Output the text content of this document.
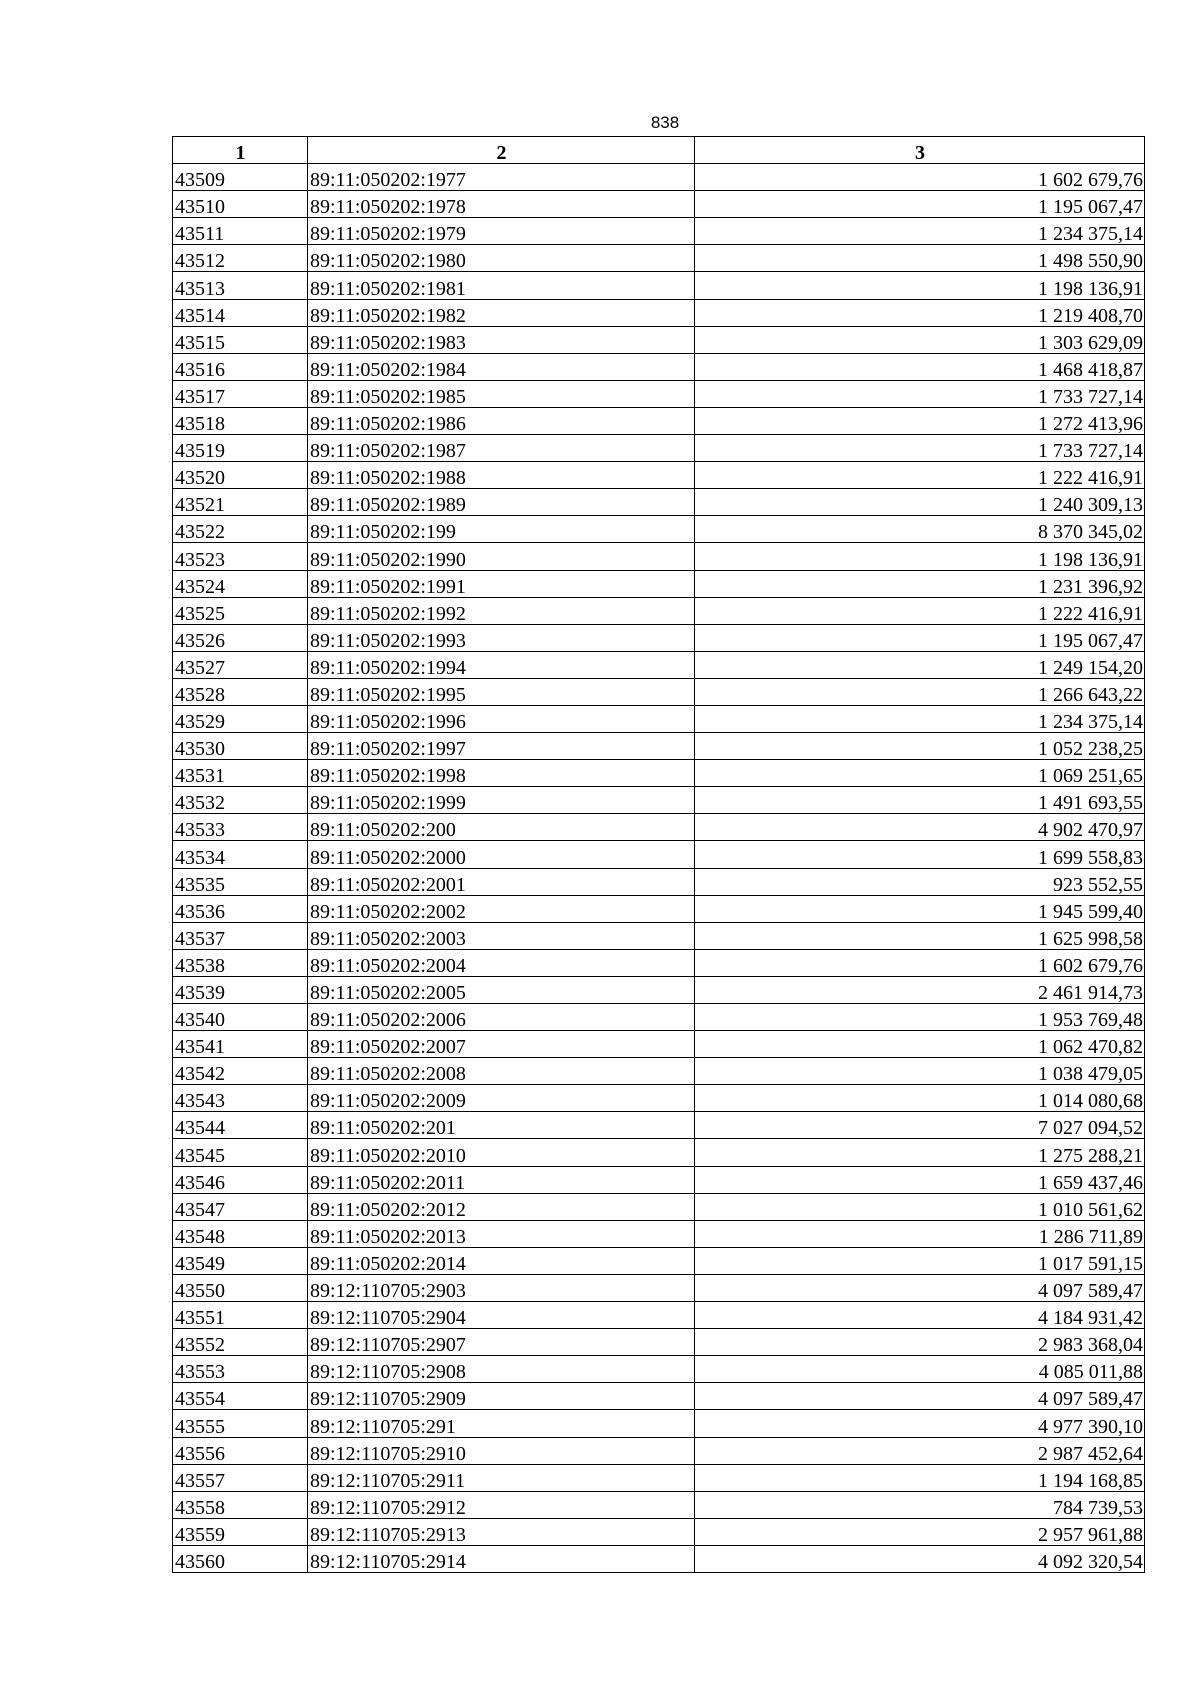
838
1	2	3
43509	89:11:050202:1977	1 602 679,76
43510	89:11:050202:1978	1 195 067,47
43511	89:11:050202:1979	1 234 375,14
43512	89:11:050202:1980	1 498 550,90
43513	89:11:050202:1981	1 198 136,91
43514	89:11:050202:1982	1 219 408,70
43515	89:11:050202:1983	1 303 629,09
43516	89:11:050202:1984	1 468 418,87
43517	89:11:050202:1985	1 733 727,14
43518	89:11:050202:1986	1 272 413,96
43519	89:11:050202:1987	1 733 727,14
43520	89:11:050202:1988	1 222 416,91
43521	89:11:050202:1989	1 240 309,13
43522	89:11:050202:199	8 370 345,02
43523	89:11:050202:1990	1 198 136,91
43524	89:11:050202:1991	1 231 396,92
43525	89:11:050202:1992	1 222 416,91
43526	89:11:050202:1993	1 195 067,47
43527	89:11:050202:1994	1 249 154,20
43528	89:11:050202:1995	1 266 643,22
43529	89:11:050202:1996	1 234 375,14
43530	89:11:050202:1997	1 052 238,25
43531	89:11:050202:1998	1 069 251,65
43532	89:11:050202:1999	1 491 693,55
43533	89:11:050202:200	4 902 470,97
43534	89:11:050202:2000	1 699 558,83
43535	89:11:050202:2001	923 552,55
43536	89:11:050202:2002	1 945 599,40
43537	89:11:050202:2003	1 625 998,58
43538	89:11:050202:2004	1 602 679,76
43539	89:11:050202:2005	2 461 914,73
43540	89:11:050202:2006	1 953 769,48
43541	89:11:050202:2007	1 062 470,82
43542	89:11:050202:2008	1 038 479,05
43543	89:11:050202:2009	1 014 080,68
43544	89:11:050202:201	7 027 094,52
43545	89:11:050202:2010	1 275 288,21
43546	89:11:050202:2011	1 659 437,46
43547	89:11:050202:2012	1 010 561,62
43548	89:11:050202:2013	1 286 711,89
43549	89:11:050202:2014	1 017 591,15
43550	89:12:110705:2903	4 097 589,47
43551	89:12:110705:2904	4 184 931,42
43552	89:12:110705:2907	2 983 368,04
43553	89:12:110705:2908	4 085 011,88
43554	89:12:110705:2909	4 097 589,47
43555	89:12:110705:291	4 977 390,10
43556	89:12:110705:2910	2 987 452,64
43557	89:12:110705:2911	1 194 168,85
43558	89:12:110705:2912	784 739,53
43559	89:12:110705:2913	2 957 961,88
43560	89:12:110705:2914	4 092 320,54
